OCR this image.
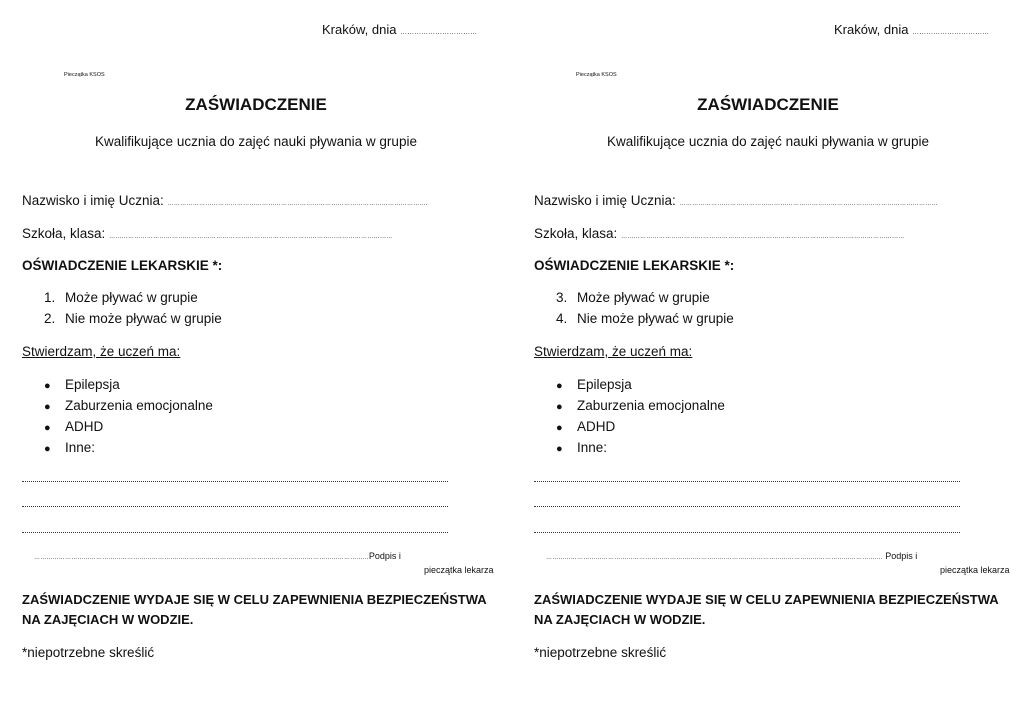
Kraków, dnia ……………………………
Pieczątka KSOS
ZAŚWIADCZENIE
Kwalifikujące ucznia do zajęć nauki pływania w grupie
Nazwisko i imię Ucznia: …………………………………………………………………………………………………………….
Szkoła, klasa: ………………………………………………………………………………………………………………………
OŚWIADCZENIE LEKARSKIE *:
1. Może pływać w grupie
2. Nie może pływać w grupie
Stwierdzam, że uczeń ma:
● Epilepsja
● Zaburzenia emocjonalne
● ADHD
● Inne:
………………………………………………………………………………………………………………………………………………Podpis i
pieczątka lekarza
ZAŚWIADCZENIE WYDAJE SIĘ W CELU ZAPEWNIENIA BEZPIECZEŃSTWA NA ZAJĘCIACH W WODZIE.
*niepotrzebne skreślić
Kraków, dnia ……………………………
Pieczątka KSOS
ZAŚWIADCZENIE
Kwalifikujące ucznia do zajęć nauki pływania w grupie
Nazwisko i imię Ucznia: ……………………………………………………………………………………………………………
Szkoła, klasa: ………………………………………………………………………………………………………………………
OŚWIADCZENIE LEKARSKIE *:
3. Może pływać w grupie
4. Nie może pływać w grupie
Stwierdzam, że uczeń ma:
● Epilepsja
● Zaburzenia emocjonalne
● ADHD
● Inne:
………………………………………………………………………………………………………………………………………………. Podpis i
pieczątka lekarza
ZAŚWIADCZENIE WYDAJE SIĘ W CELU ZAPEWNIENIA BEZPIECZEŃSTWA NA ZAJĘCIACH W WODZIE.
*niepotrzebne skreślić
